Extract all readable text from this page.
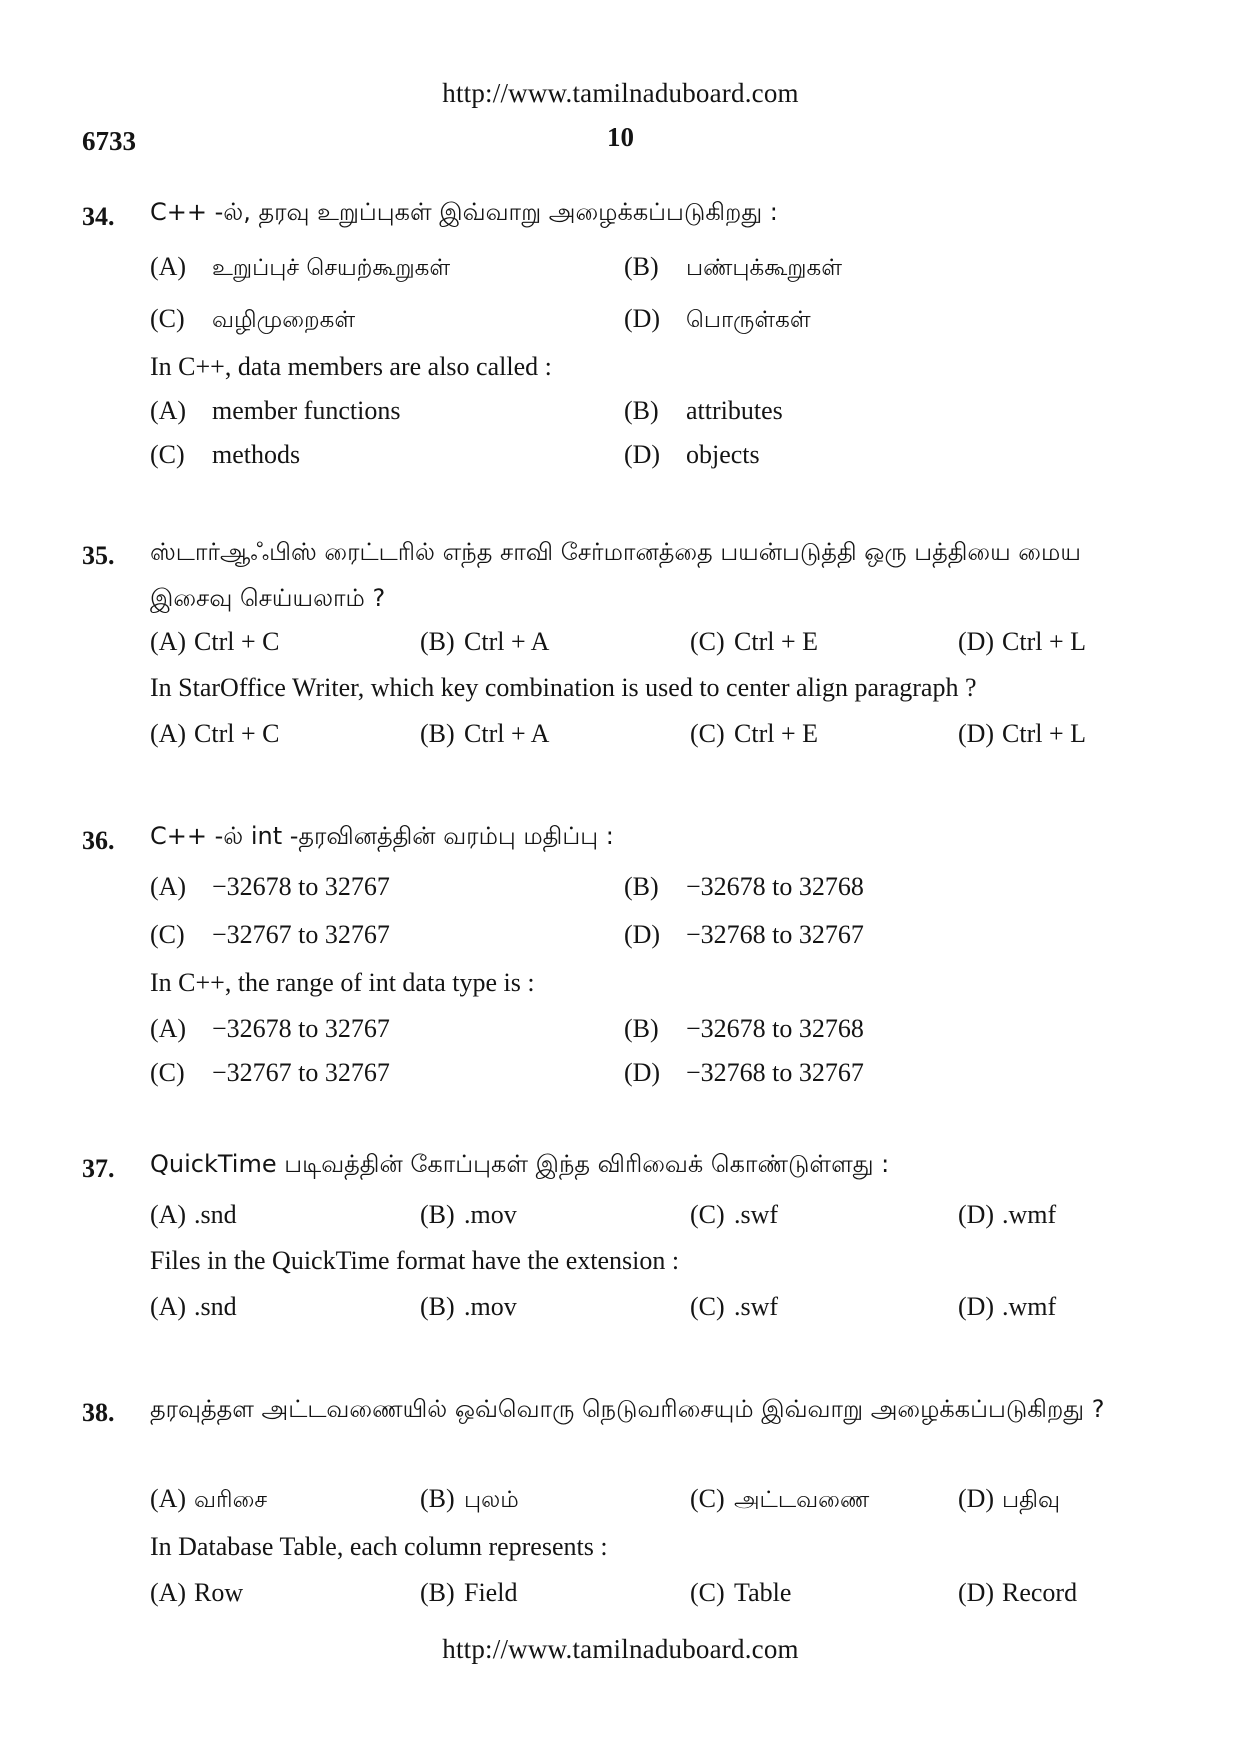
http://www.tamilnaduboard.com
6733	10
34. C++ -ல், தரவு உறுப்புகள் இவ்வாறு அழைக்கப்படுகிறது :
(A) உறுப்புச் செயற்கூறுகள்	(B) பண்புக்கூறுகள்
(C) வழிமுறைகள்	(D) பொருள்கள்
In C++, data members are also called :
(A) member functions	(B) attributes
(C) methods	(D) objects
35. ஸ்டார்ஆஃபிஸ் ரைட்டரில் எந்த சாவி சேர்மானத்தை பயன்படுத்தி ஒரு பத்தியை மைய இசைவு செய்யலாம் ?
(A) Ctrl + C	(B) Ctrl + A	(C) Ctrl + E	(D) Ctrl + L
In StarOffice Writer, which key combination is used to center align paragraph ?
(A) Ctrl + C	(B) Ctrl + A	(C) Ctrl + E	(D) Ctrl + L
36. C++ -ல் int -தரவினத்தின் வரம்பு மதிப்பு :
(A) −32678 to 32767	(B) −32678 to 32768
(C) −32767 to 32767	(D) −32768 to 32767
In C++, the range of int data type is :
(A) −32678 to 32767	(B) −32678 to 32768
(C) −32767 to 32767	(D) −32768 to 32767
37. QuickTime படிவத்தின் கோப்புகள் இந்த விரிவைக் கொண்டுள்ளது :
(A) .snd	(B) .mov	(C) .swf	(D) .wmf
Files in the QuickTime format have the extension :
(A) .snd	(B) .mov	(C) .swf	(D) .wmf
38. தரவுத்தள அட்டவணையில் ஒவ்வொரு நெடுவரிசையும் இவ்வாறு அழைக்கப்படுகிறது ?
(A) வரிசை	(B) புலம்	(C) அட்டவணை	(D) பதிவு
In Database Table, each column represents :
(A) Row	(B) Field	(C) Table	(D) Record
http://www.tamilnaduboard.com
